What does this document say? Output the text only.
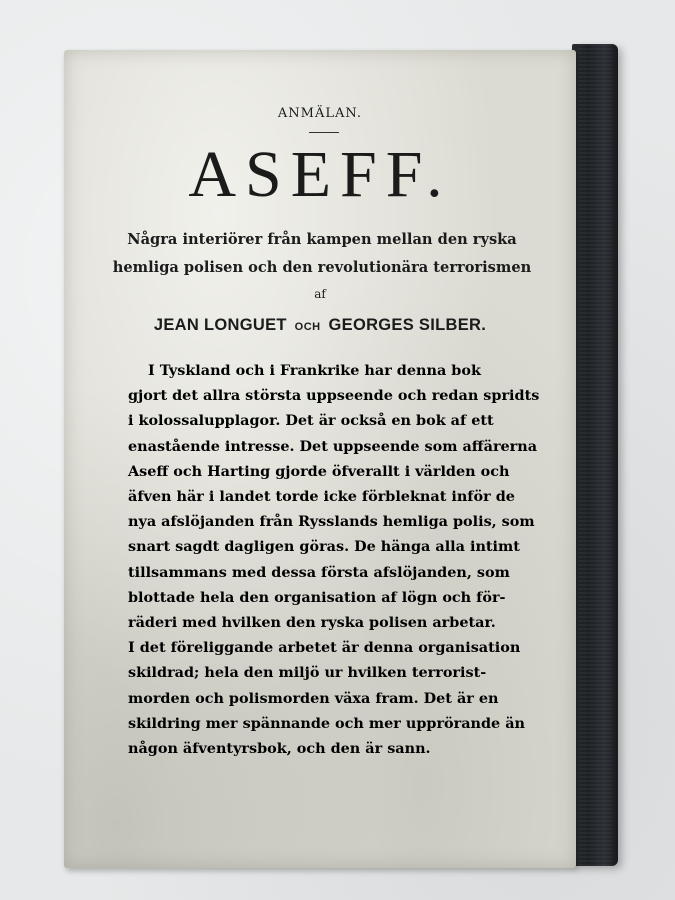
ANMÄLAN.
ASEFF.
Några interiörer från kampen mellan den ryska
hemliga polisen och den revolutionära terrorismen
af
JEAN LONGUET OCH GEORGES SILBER.
I Tyskland och i Frankrike har denna bok
gjort det allra största uppseende och redan spridts
i kolossalupplagor. Det är också en bok af ett
enastående intresse. Det uppseende som affärerna
Aseff och Harting gjorde öfverallt i världen och
äfven här i landet torde icke förbleknat inför de
nya afslöjanden från Rysslands hemliga polis, som
snart sagdt dagligen göras. De hänga alla intimt
tillsammans med dessa första afslöjanden, som
blottade hela den organisation af lögn och för-
räderi med hvilken den ryska polisen arbetar.
I det föreliggande arbetet är denna organisation
skildrad; hela den miljö ur hvilken terrorist-
morden och polismorden växa fram. Det är en
skildring mer spännande och mer upprörande än
någon äfventyrsbok, och den är sann.
